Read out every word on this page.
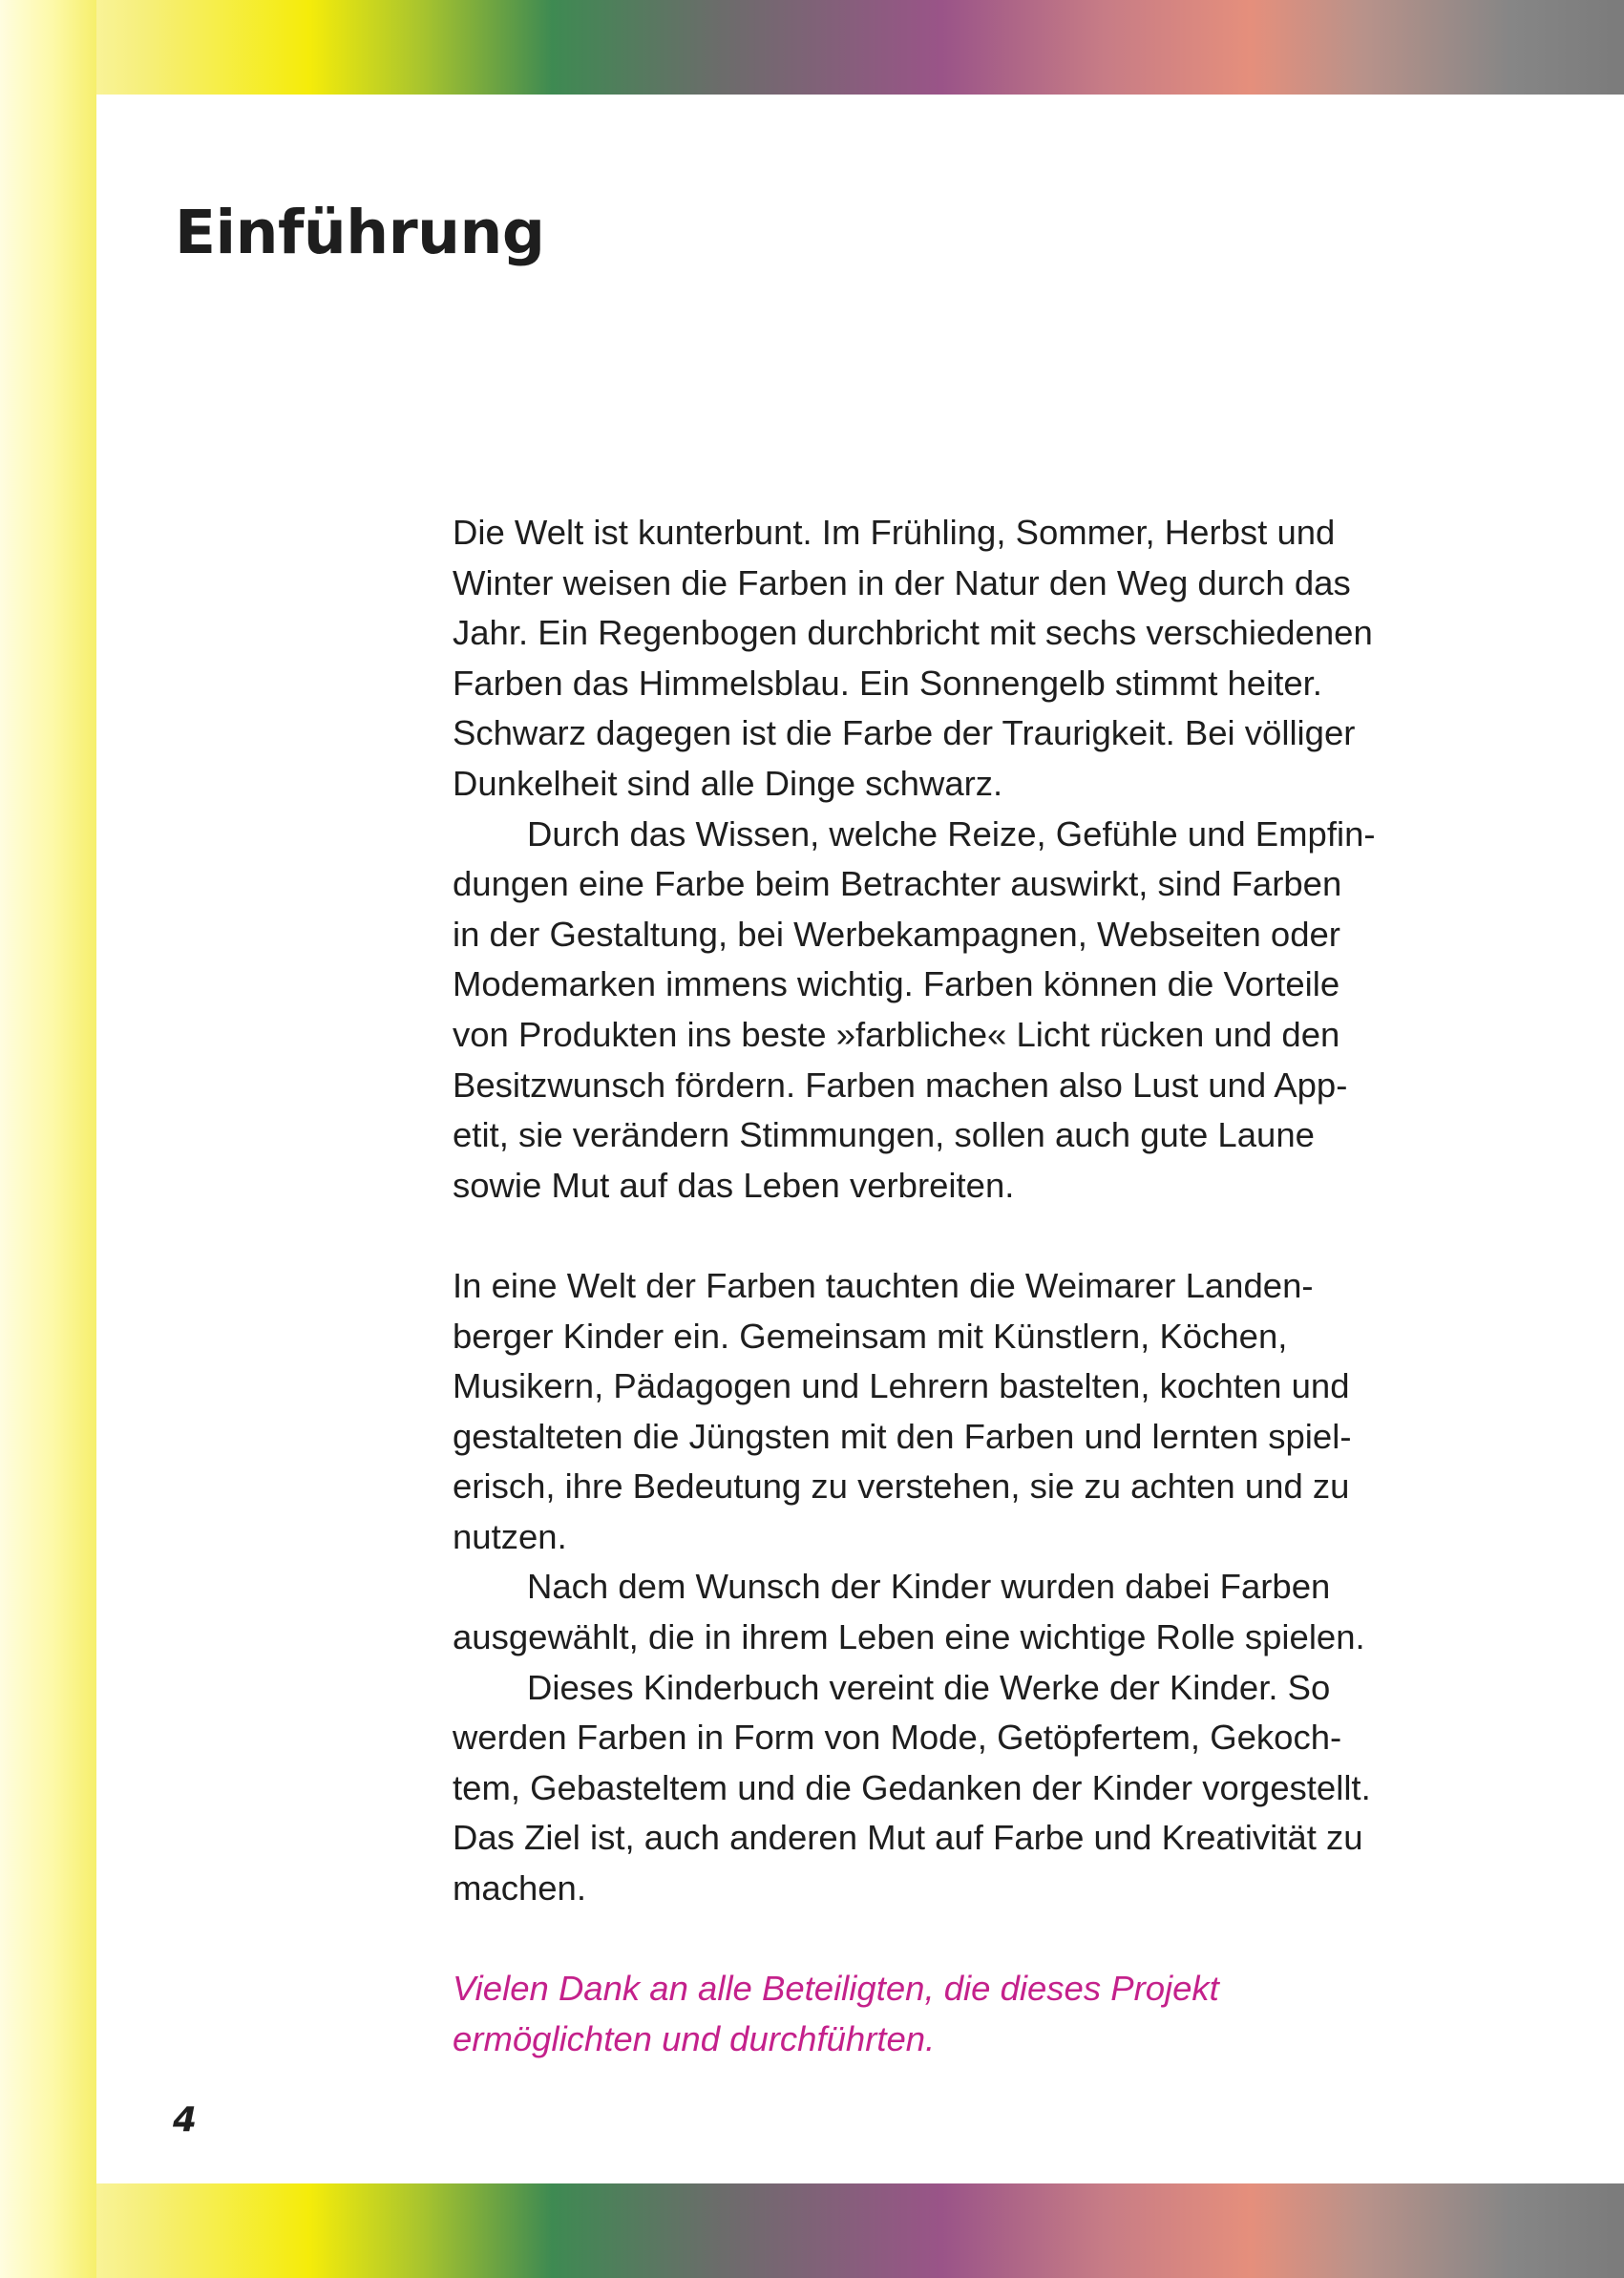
Einführung

Die Welt ist kunterbunt. Im Frühling, Sommer, Herbst und
Winter weisen die Farben in der Natur den Weg durch das
Jahr. Ein Regenbogen durchbricht mit sechs verschiedenen
Farben das Himmelsblau. Ein Sonnengelb stimmt heiter.
Schwarz dagegen ist die Farbe der Traurigkeit. Bei völliger
Dunkelheit sind alle Dinge schwarz.

Durch das Wissen, welche Reize, Gefühle und Empfin-
dungen eine Farbe beim Betrachter auswirkt, sind Farben
in der Gestaltung, bei Werbekampagnen, Webseiten oder
Modemarken immens wichtig. Farben können die Vorteile
von Produkten ins beste »farbliche« Licht rücken und den
Besitzwunsch fördern. Farben machen also Lust und App-
etit, sie verändern Stimmungen, sollen auch gute Laune
sowie Mut auf das Leben verbreiten.

In eine Welt der Farben tauchten die Weimarer Landen-
berger Kinder ein. Gemeinsam mit Künstlern, Köchen,
Musikern, Pädagogen und Lehrern bastelten, kochten und
gestalteten die Jüngsten mit den Farben und lernten spiel-
erisch, ihre Bedeutung zu verstehen, sie zu achten und zu
nutzen.

Nach dem Wunsch der Kinder wurden dabei Farben
ausgewählt, die in ihrem Leben eine wichtige Rolle spielen.

Dieses Kinderbuch vereint die Werke der Kinder. So
werden Farben in Form von Mode, Getöpfertem, Gekoch-
tem, Gebasteltem und die Gedanken der Kinder vorgestellt.
Das Ziel ist, auch anderen Mut auf Farbe und Kreativität zu
machen.

Vielen Dank an alle Beteiligten, die dieses Projekt
ermöglichten und durchführten.

4
